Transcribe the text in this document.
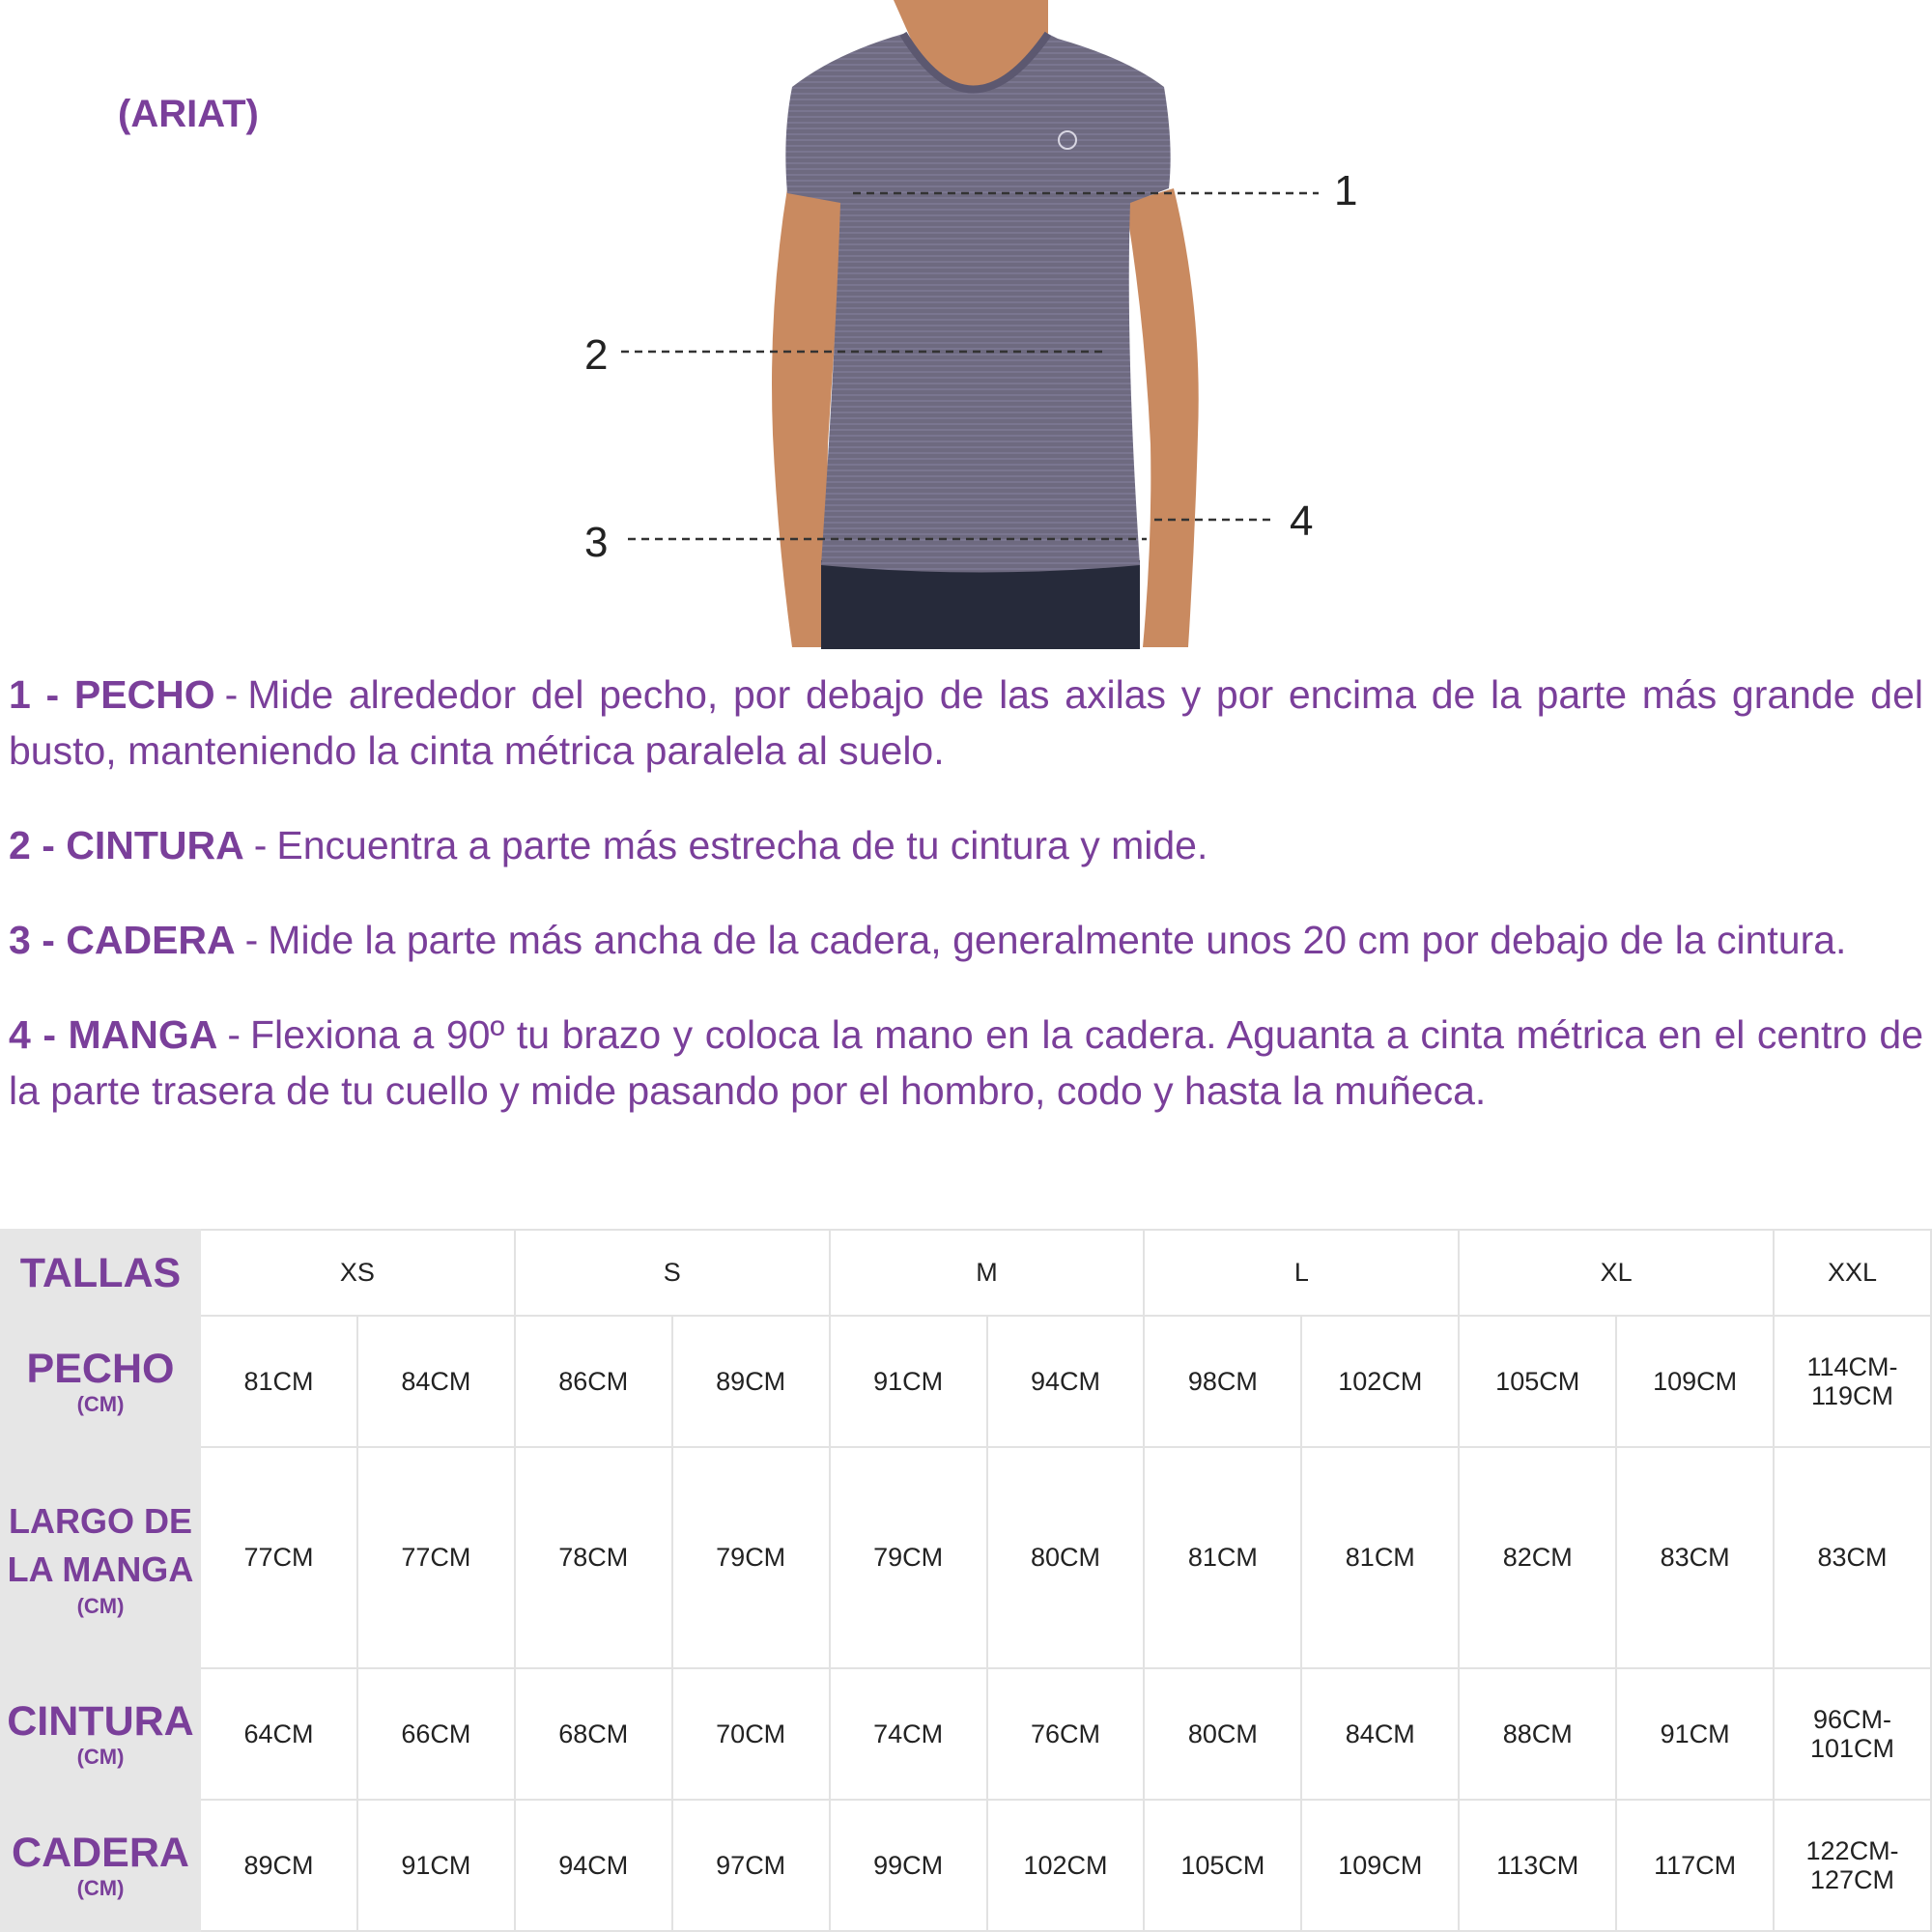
(ARIAT)
1
2
3	4

1 - PECHO - Mide alrededor del pecho, por debajo de las axilas y por encima de la parte más grande del busto, manteniendo la cinta métrica paralela al suelo.

2 - CINTURA - Encuentra a parte más estrecha de tu cintura y mide.

3 - CADERA - Mide la parte más ancha de la cadera, generalmente unos 20 cm por debajo de la cintura.

4 - MANGA - Flexiona a 90º tu brazo y coloca la mano en la cadera. Aguanta a cinta métrica en el centro de la parte trasera de tu cuello y mide pasando por el hombro, codo y hasta la muñeca.

TALLAS	XS		S		M		L		XL		XXL

PECHO
(CM)	81CM	84CM	86CM	89CM	91CM	94CM	98CM	102CM	105CM	109CM	114CM-
119CM

LARGO DE LA MANGA
(CM)	77CM	77CM	78CM	79CM	79CM	80CM	81CM	81CM	82CM	83CM	83CM

CINTURA
(CM)	64CM	66CM	68CM	70CM	74CM	76CM	80CM	84CM	88CM	91CM	96CM-
101CM

CADERA
(CM)	89CM	91CM	94CM	97CM	99CM	102CM	105CM	109CM	113CM	117CM	122CM-
127CM
